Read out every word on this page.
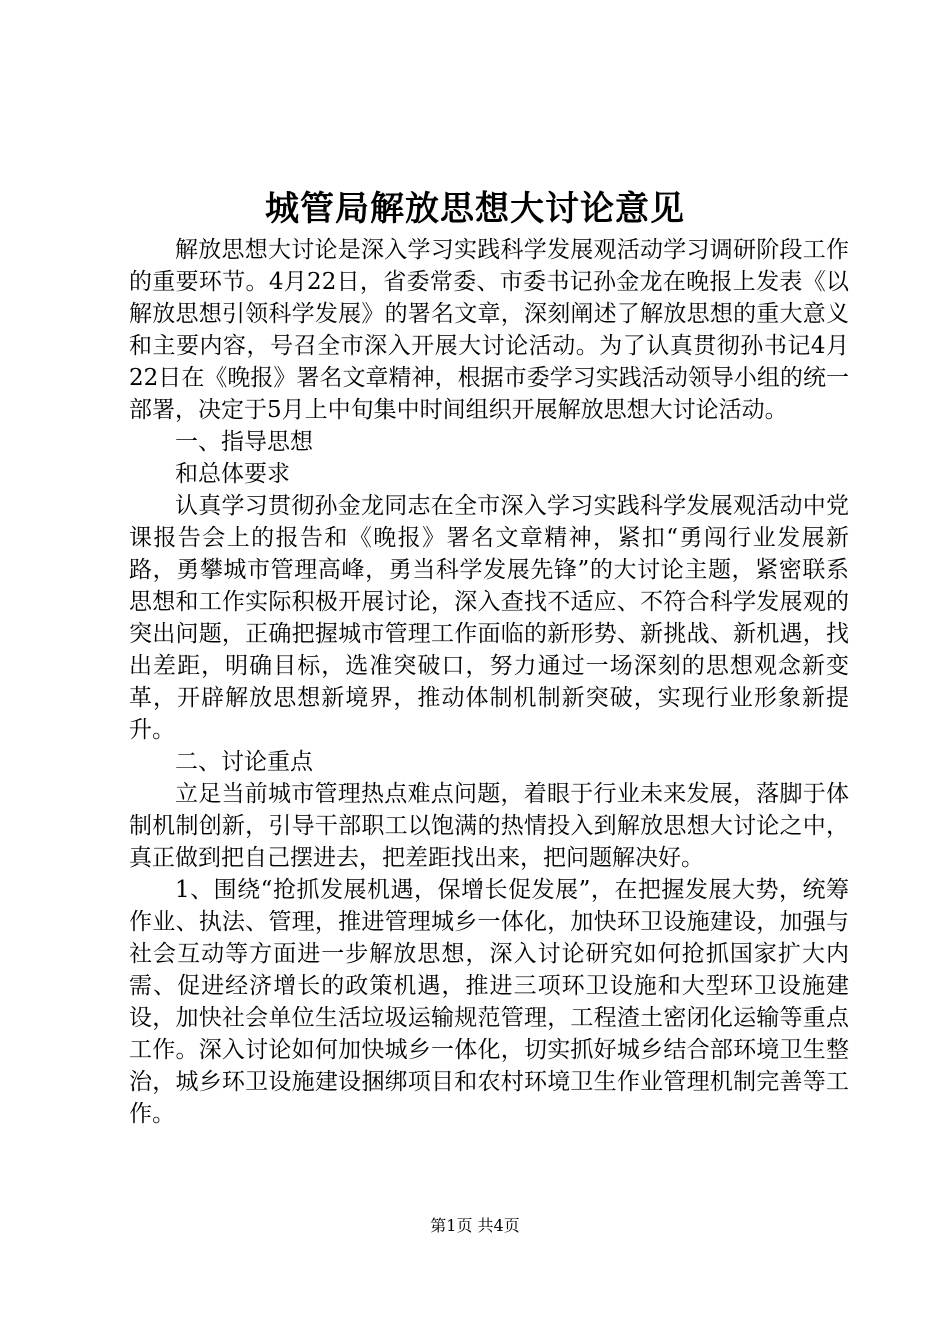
城管局解放思想大讨论意见

解放思想大讨论是深入学习实践科学发展观活动学习调研阶段工作的重要环节。4月22日，省委常委、市委书记孙金龙在晚报上发表《以解放思想引领科学发展》的署名文章，深刻阐述了解放思想的重大意义和主要内容，号召全市深入开展大讨论活动。为了认真贯彻孙书记4月22日在《晚报》署名文章精神，根据市委学习实践活动领导小组的统一部署，决定于5月上中旬集中时间组织开展解放思想大讨论活动。

一、指导思想

和总体要求

认真学习贯彻孙金龙同志在全市深入学习实践科学发展观活动中党课报告会上的报告和《晚报》署名文章精神，紧扣“勇闯行业发展新路，勇攀城市管理高峰，勇当科学发展先锋”的大讨论主题，紧密联系思想和工作实际积极开展讨论，深入查找不适应、不符合科学发展观的突出问题，正确把握城市管理工作面临的新形势、新挑战、新机遇，找出差距，明确目标，选准突破口，努力通过一场深刻的思想观念新变革，开辟解放思想新境界，推动体制机制新突破，实现行业形象新提升。

二、讨论重点

立足当前城市管理热点难点问题，着眼于行业未来发展，落脚于体制机制创新，引导干部职工以饱满的热情投入到解放思想大讨论之中，真正做到把自己摆进去，把差距找出来，把问题解决好。

1、围绕“抢抓发展机遇，保增长促发展”，在把握发展大势，统筹作业、执法、管理，推进管理城乡一体化，加快环卫设施建设，加强与社会互动等方面进一步解放思想，深入讨论研究如何抢抓国家扩大内需、促进经济增长的政策机遇，推进三项环卫设施和大型环卫设施建设，加快社会单位生活垃圾运输规范管理，工程渣土密闭化运输等重点工作。深入讨论如何加快城乡一体化，切实抓好城乡结合部环境卫生整治，城乡环卫设施建设捆绑项目和农村环境卫生作业管理机制完善等工作。

第1页 共4页
